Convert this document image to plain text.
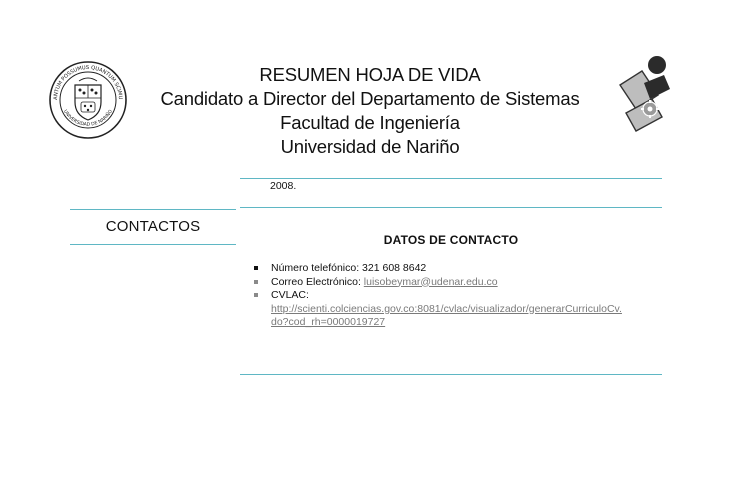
ANTUM POSSUMUS QUANTUM SCIMU
UNIVERSIDAD DE NARIÑO
RESUMEN HOJA DE VIDA
Candidato a Director del Departamento de Sistemas
Facultad de Ingeniería
Universidad de Nariño
2008.
CONTACTOS
DATOS DE CONTACTO
Número telefónico: 321 608 8642
Correo Electrónico: luisobeymar@udenar.edu.co
CVLAC:
http://scienti.colciencias.gov.co:8081/cvlac/visualizador/generarCurriculoCv.
do?cod_rh=0000019727
